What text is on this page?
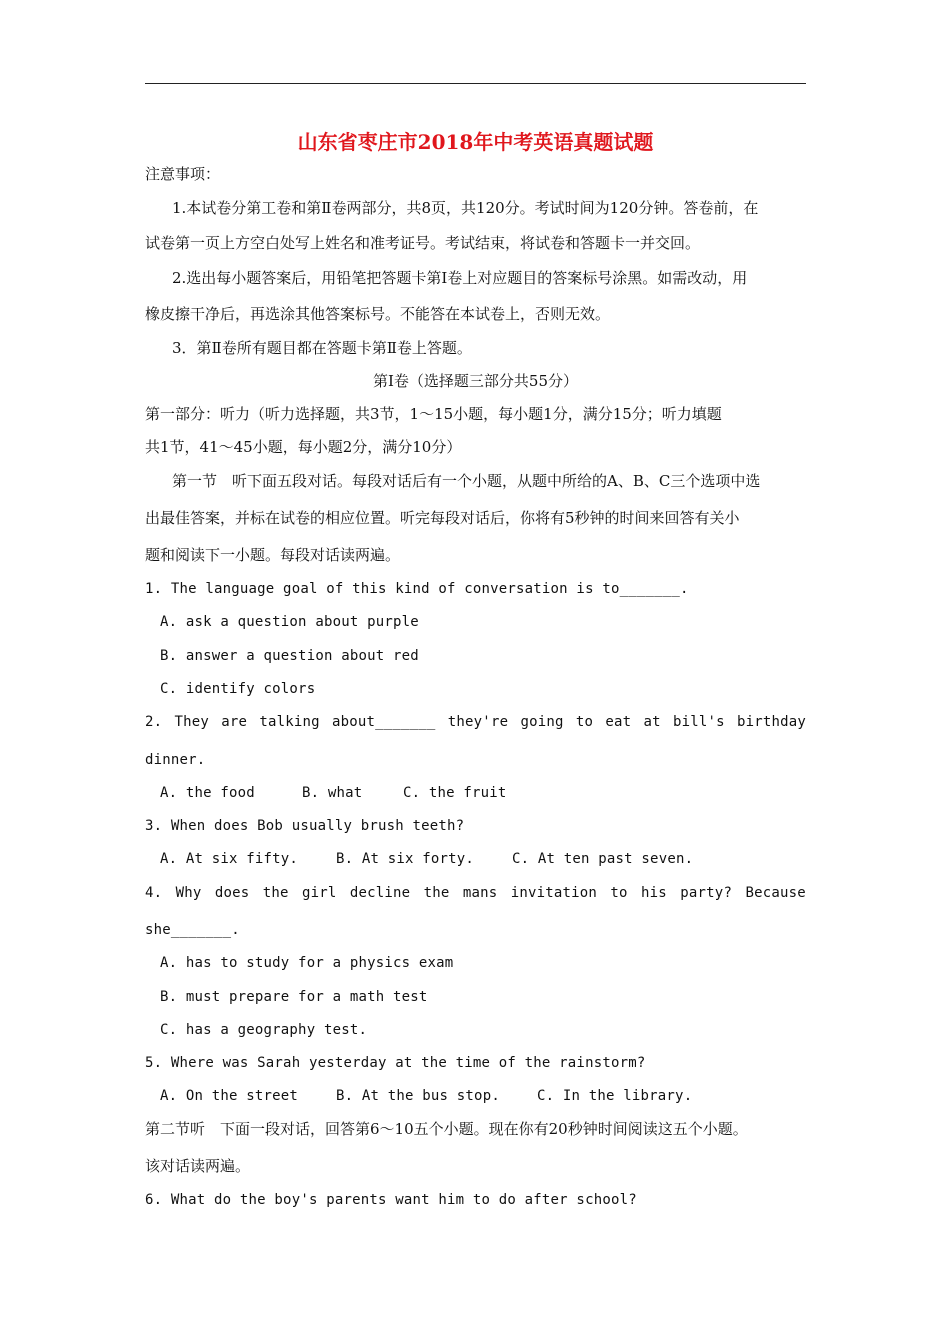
山东省枣庄市2018年中考英语真题试题
注意事项：
1.本试卷分第工卷和第Ⅱ卷两部分，共8页，共120分。考试时间为120分钟。答卷前，在
试卷第一页上方空白处写上姓名和准考证号。考试结束，将试卷和答题卡一并交回。
2.选出每小题答案后，用铅笔把答题卡第Ⅰ卷上对应题目的答案标号涂黑。如需改动，用
橡皮擦干净后，再选涂其他答案标号。不能答在本试卷上，否则无效。
3．第Ⅱ卷所有题目都在答题卡第Ⅱ卷上答题。
第Ⅰ卷（选择题三部分共55分）
第一部分：听力（听力选择题，共3节，1～15小题，每小题1分，满分15分；听力填题
共1节，41～45小题，每小题2分，满分10分）
第一节　听下面五段对话。每段对话后有一个小题，从题中所给的A、B、C三个选项中选
出最佳答案，并标在试卷的相应位置。听完每段对话后，你将有5秒钟的时间来回答有关小
题和阅读下一小题。每段对话读两遍。
1. The language goal of this kind of conversation is to_______.
A. ask a question about purple
B. answer a question about red
C. identify colors
2. They are talking about_______ they're going to eat at bill's birthday
dinner.
A. the food	B. what	C. the fruit
3. When does Bob usually brush teeth?
A. At six fifty.	B. At six forty.	C. At ten past seven.
4. Why does the girl decline the mans invitation to his party? Because
she_______.
A. has to study for a physics exam
B. must prepare for a math test
C. has a geography test.
5. Where was Sarah yesterday at the time of the rainstorm?
A. On the street	B. At the bus stop.	C. In the library.
第二节听　下面一段对话，回答第6～10五个小题。现在你有20秒钟时间阅读这五个小题。
该对话读两遍。
6. What do the boy's parents want him to do after school?
